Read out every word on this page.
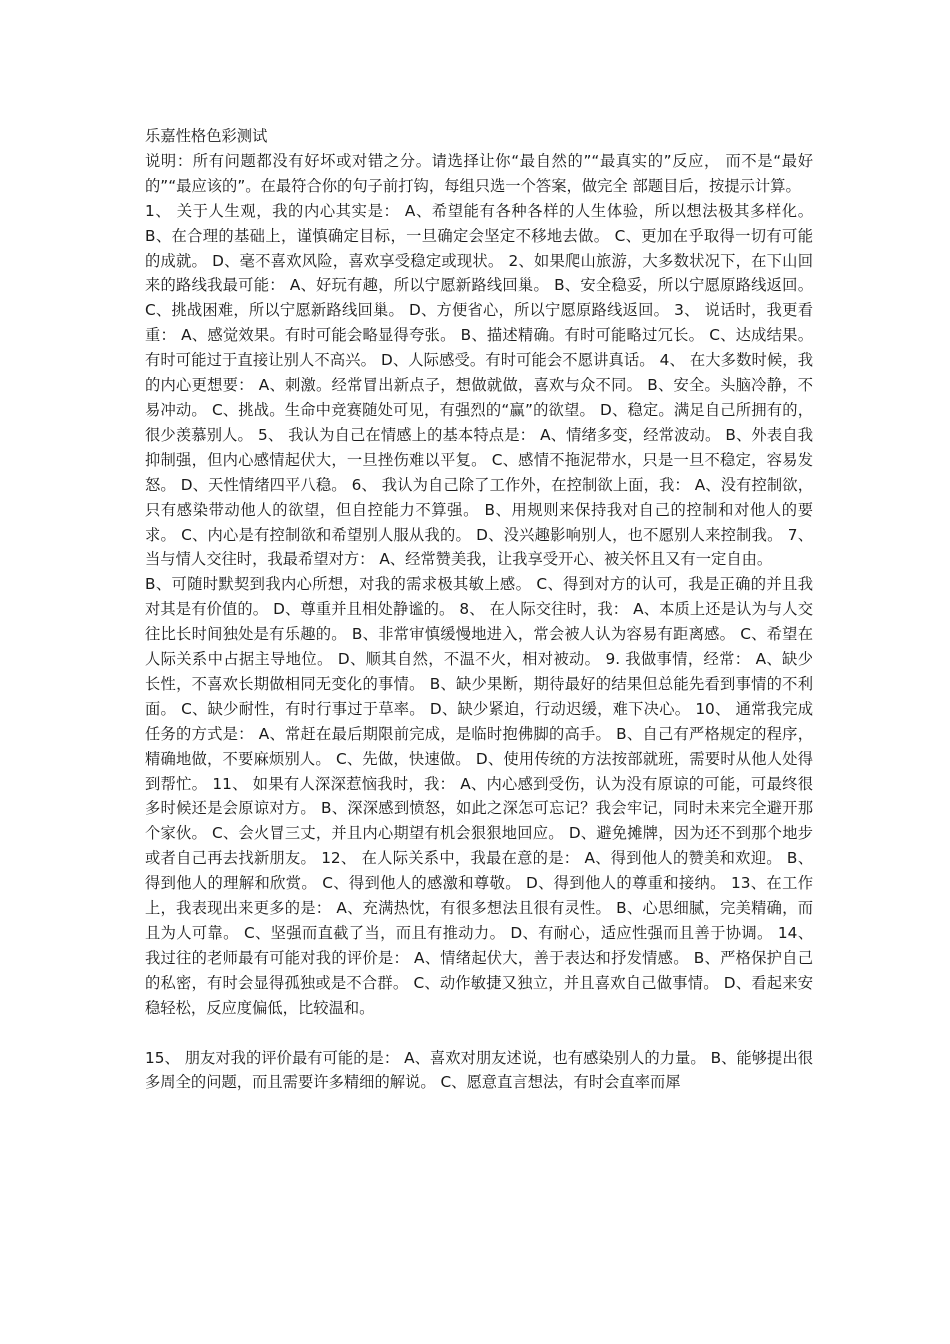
乐嘉性格色彩测试

说明：所有问题都没有好坏或对错之分。请选择让你“最自然的”“最真实的”反应， 而不是“最好的”“最应该的”。在最符合你的句子前打钩，每组只选一个答案，做完全 部题目后，按提示计算。

1、 关于人生观，我的内心其实是： A、希望能有各种各样的人生体验，所以想法极其多样化。 B、在合理的基础上，谨慎确定目标，一旦确定会坚定不移地去做。 C、更加在乎取得一切有可能的成就。 D、毫不喜欢风险，喜欢享受稳定或现状。 2、如果爬山旅游，大多数状况下，在下山回来的路线我最可能： A、好玩有趣，所以宁愿新路线回巢。 B、安全稳妥，所以宁愿原路线返回。 C、挑战困难，所以宁愿新路线回巢。 D、方便省心，所以宁愿原路线返回。 3、 说话时，我更看重： A、感觉效果。有时可能会略显得夸张。 B、描述精确。有时可能略过冗长。 C、达成结果。有时可能过于直接让别人不高兴。 D、人际感受。有时可能会不愿讲真话。 4、 在大多数时候，我的内心更想要： A、刺激。经常冒出新点子，想做就做，喜欢与众不同。 B、安全。头脑冷静，不易冲动。 C、挑战。生命中竞赛随处可见，有强烈的“赢”的欲望。 D、稳定。满足自己所拥有的，很少羡慕别人。 5、 我认为自己在情感上的基本特点是： A、情绪多变，经常波动。 B、外表自我抑制强，但内心感情起伏大，一旦挫伤难以平复。 C、感情不拖泥带水，只是一旦不稳定，容易发怒。 D、天性情绪四平八稳。 6、 我认为自己除了工作外，在控制欲上面，我： A、没有控制欲，只有感染带动他人的欲望，但自控能力不算强。 B、用规则来保持我对自己的控制和对他人的要求。 C、内心是有控制欲和希望别人服从我的。 D、没兴趣影响别人，也不愿别人来控制我。 7、 当与情人交往时，我最希望对方： A、经常赞美我，让我享受开心、被关怀且又有一定自由。

B、可随时默契到我内心所想，对我的需求极其敏上感。 C、得到对方的认可，我是正确的并且我对其是有价值的。 D、尊重并且相处静谧的。 8、 在人际交往时，我： A、本质上还是认为与人交往比长时间独处是有乐趣的。 B、非常审慎缓慢地进入，常会被人认为容易有距离感。 C、希望在人际关系中占据主导地位。 D、顺其自然，不温不火，相对被动。 9. 我做事情，经常： A、缺少长性，不喜欢长期做相同无变化的事情。 B、缺少果断，期待最好的结果但总能先看到事情的不利面。 C、缺少耐性，有时行事过于草率。 D、缺少紧迫，行动迟缓，难下决心。 10、 通常我完成任务的方式是： A、常赶在最后期限前完成，是临时抱佛脚的高手。 B、自己有严格规定的程序，精确地做，不要麻烦别人。 C、先做，快速做。 D、使用传统的方法按部就班，需要时从他人处得到帮忙。 11、 如果有人深深惹恼我时，我： A、内心感到受伤，认为没有原谅的可能，可最终很多时候还是会原谅对方。 B、深深感到愤怒，如此之深怎可忘记？我会牢记，同时未来完全避开那个家伙。 C、会火冒三丈，并且内心期望有机会狠狠地回应。 D、避免摊牌，因为还不到那个地步或者自己再去找新朋友。 12、 在人际关系中，我最在意的是： A、得到他人的赞美和欢迎。 B、得到他人的理解和欣赏。 C、得到他人的感激和尊敬。 D、得到他人的尊重和接纳。 13、在工作上，我表现出来更多的是： A、充满热忱，有很多想法且很有灵性。 B、心思细腻，完美精确，而且为人可靠。 C、坚强而直截了当，而且有推动力。 D、有耐心，适应性强而且善于协调。 14、 我过往的老师最有可能对我的评价是： A、情绪起伏大，善于表达和抒发情感。 B、严格保护自己的私密，有时会显得孤独或是不合群。 C、动作敏捷又独立，并且喜欢自己做事情。 D、看起来安稳轻松，反应度偏低，比较温和。

15、 朋友对我的评价最有可能的是： A、喜欢对朋友述说，也有感染别人的力量。 B、能够提出很多周全的问题，而且需要许多精细的解说。 C、愿意直言想法，有时会直率而犀
